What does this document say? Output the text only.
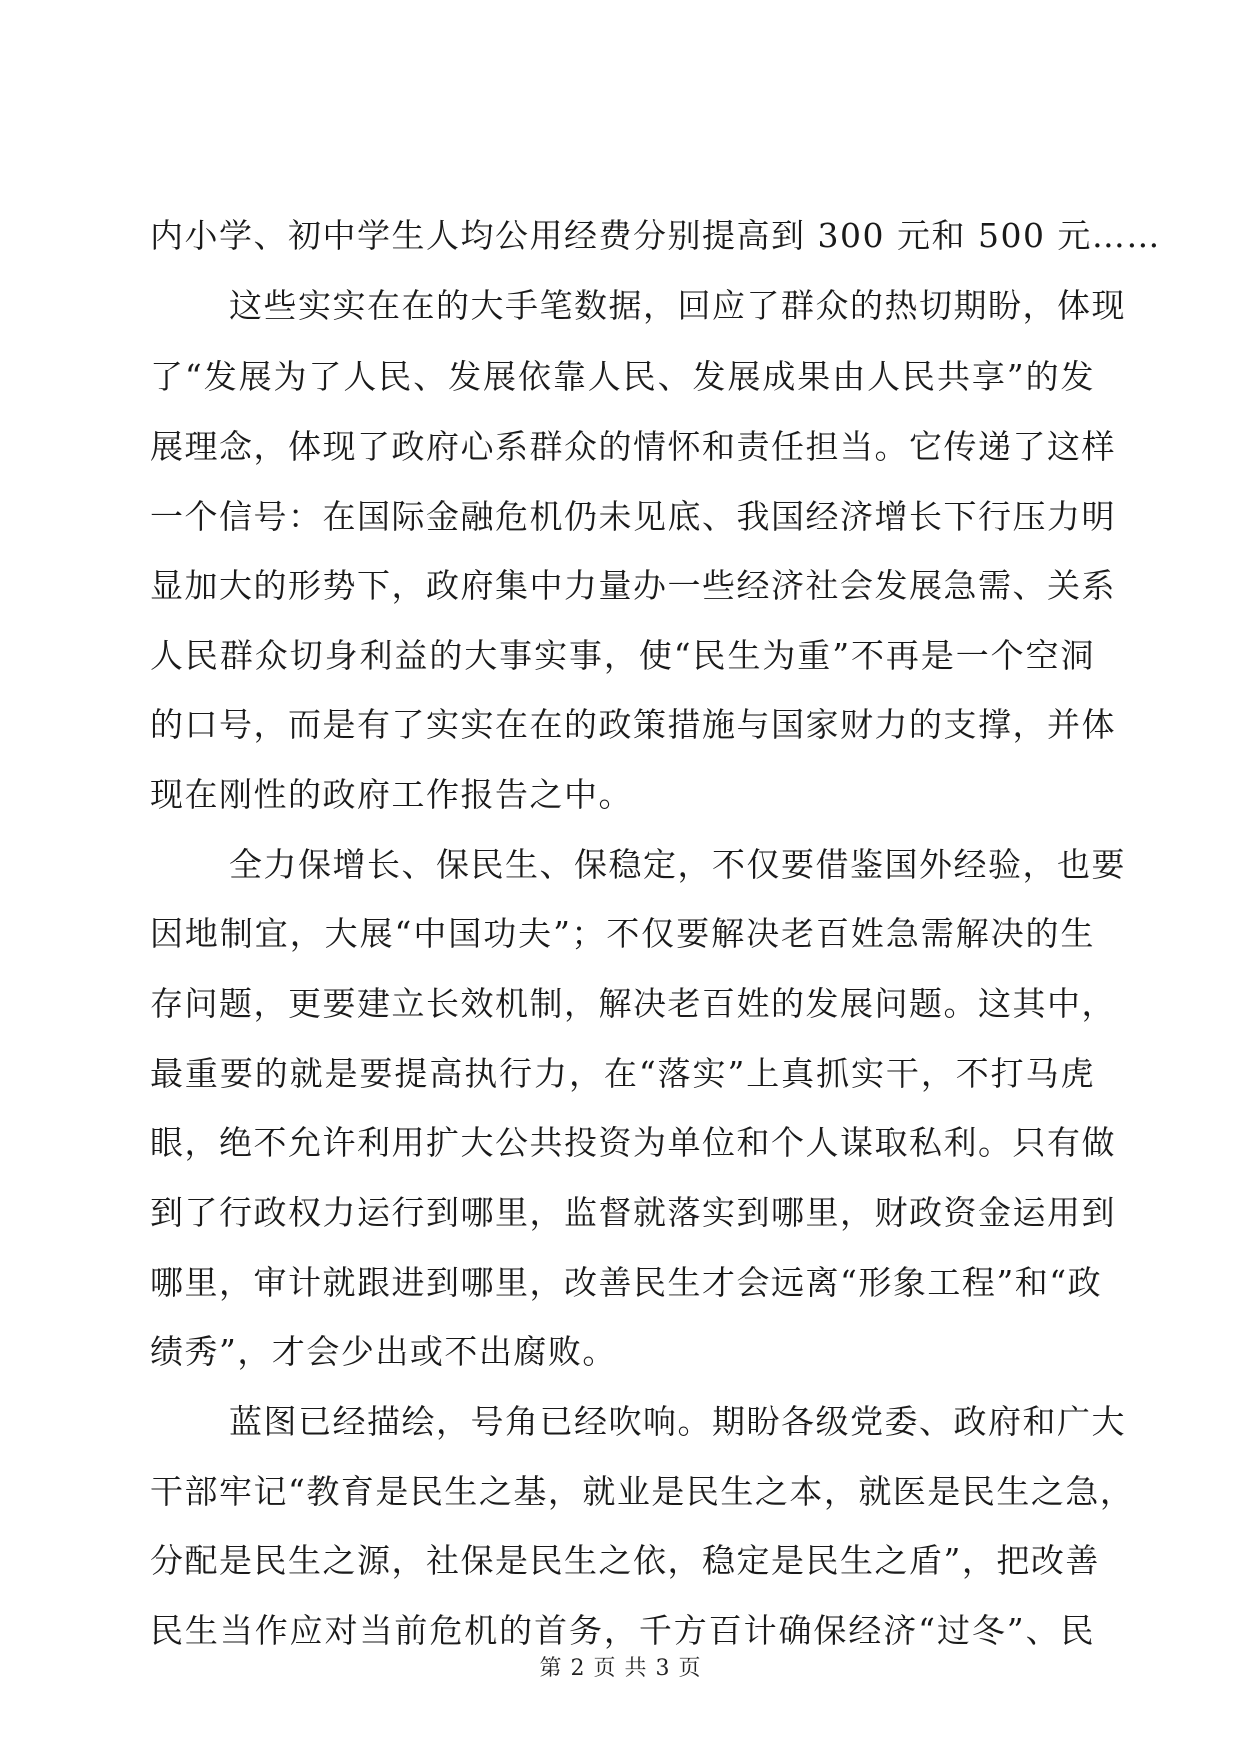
内小学、初中学生人均公用经费分别提高到 300 元和 500 元……
这些实实在在的大手笔数据，回应了群众的热切期盼，体现
了“发展为了人民、发展依靠人民、发展成果由人民共享”的发
展理念，体现了政府心系群众的情怀和责任担当。它传递了这样
一个信号：在国际金融危机仍未见底、我国经济增长下行压力明
显加大的形势下，政府集中力量办一些经济社会发展急需、关系
人民群众切身利益的大事实事，使“民生为重”不再是一个空洞
的口号，而是有了实实在在的政策措施与国家财力的支撑，并体
现在刚性的政府工作报告之中。
全力保增长、保民生、保稳定，不仅要借鉴国外经验，也要
因地制宜，大展“中国功夫”；不仅要解决老百姓急需解决的生
存问题，更要建立长效机制，解决老百姓的发展问题。这其中，
最重要的就是要提高执行力，在“落实”上真抓实干，不打马虎
眼，绝不允许利用扩大公共投资为单位和个人谋取私利。只有做
到了行政权力运行到哪里，监督就落实到哪里，财政资金运用到
哪里，审计就跟进到哪里，改善民生才会远离“形象工程”和“政
绩秀”，才会少出或不出腐败。
蓝图已经描绘，号角已经吹响。期盼各级党委、政府和广大
干部牢记“教育是民生之基，就业是民生之本，就医是民生之急，
分配是民生之源，社保是民生之依，稳定是民生之盾”，把改善
民生当作应对当前危机的首务，千方百计确保经济“过冬”、民
第 2 页 共 3 页
